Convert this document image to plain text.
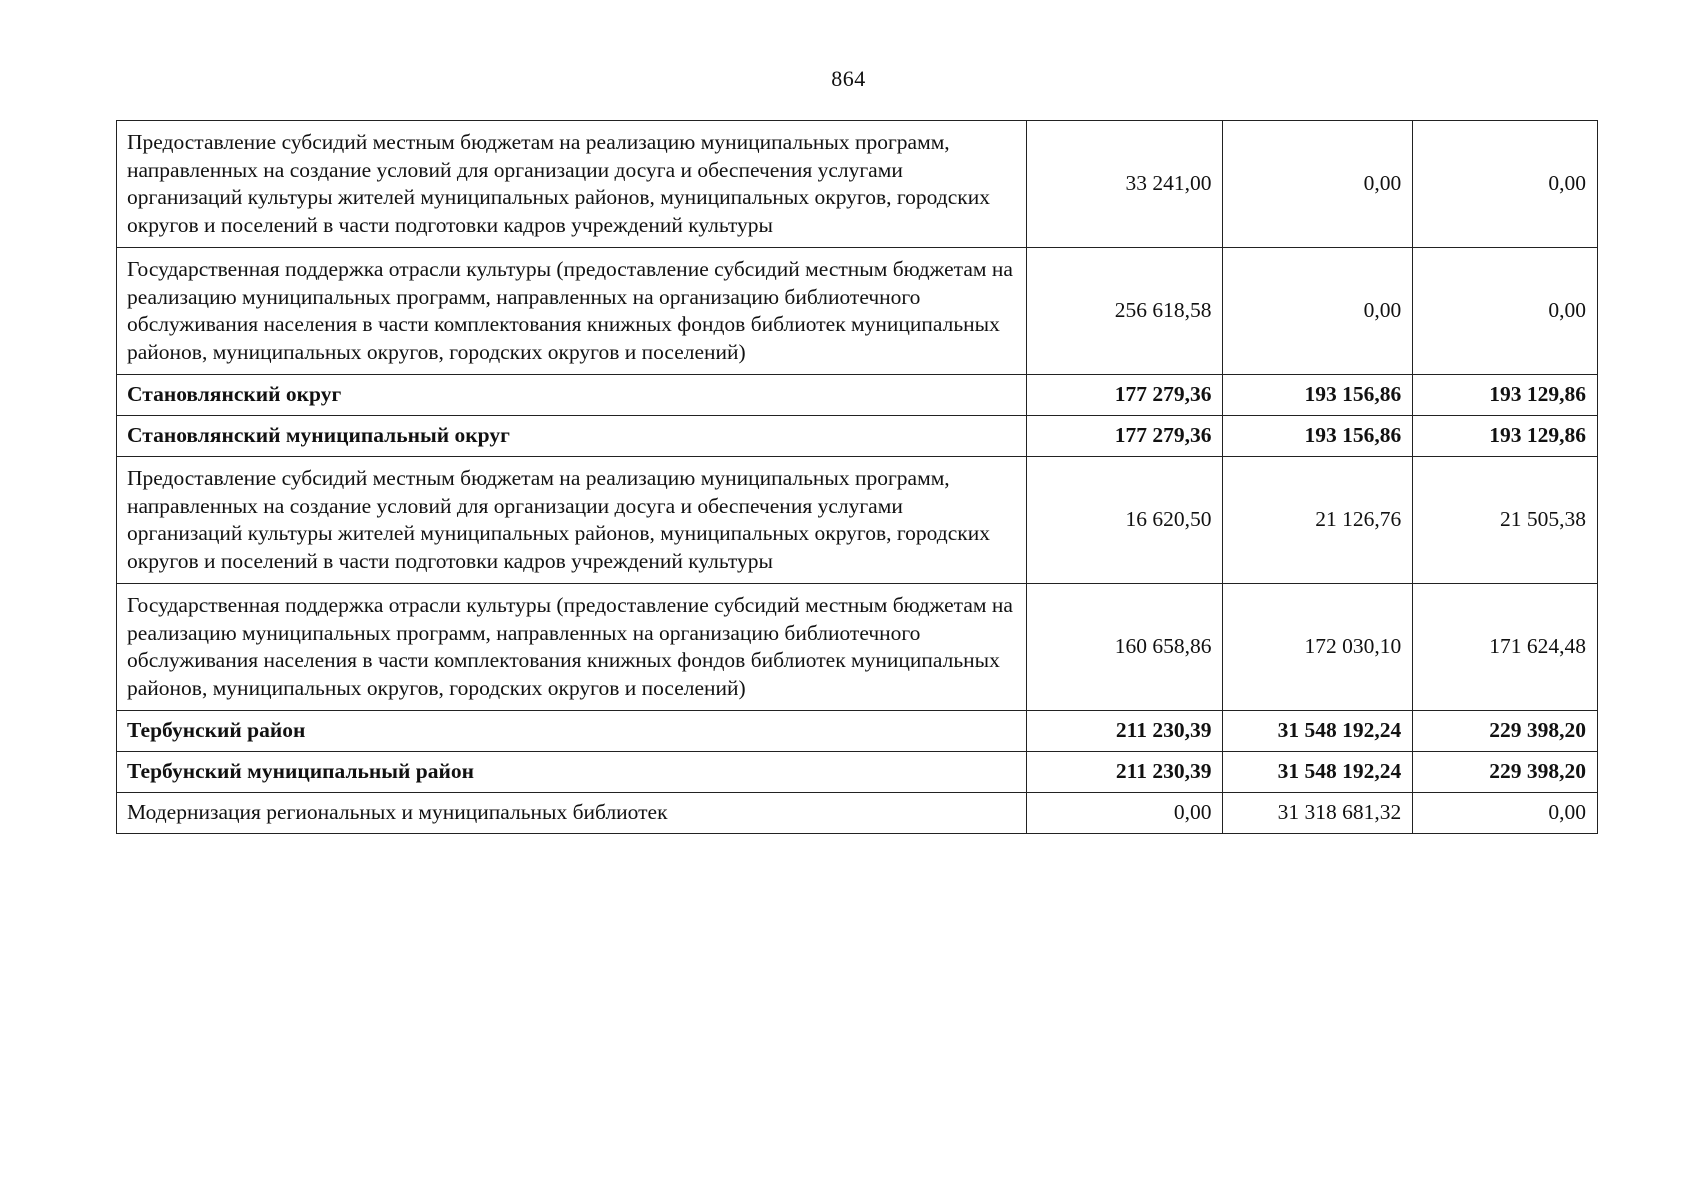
864
Предоставление субсидий местным бюджетам на реализацию муниципальных программ, направленных на создание условий для организации досуга и обеспечения услугами организаций культуры жителей муниципальных районов, муниципальных округов, городских округов и поселений в части подготовки кадров учреждений культуры	33 241,00	0,00	0,00
Государственная поддержка отрасли культуры (предоставление субсидий местным бюджетам на реализацию муниципальных программ, направленных на организацию библиотечного обслуживания населения в части комплектования книжных фондов библиотек муниципальных районов, муниципальных округов, городских округов и поселений)	256 618,58	0,00	0,00
Становлянский округ	177 279,36	193 156,86	193 129,86
Становлянский муниципальный округ	177 279,36	193 156,86	193 129,86
Предоставление субсидий местным бюджетам на реализацию муниципальных программ, направленных на создание условий для организации досуга и обеспечения услугами организаций культуры жителей муниципальных районов, муниципальных округов, городских округов и поселений в части подготовки кадров учреждений культуры	16 620,50	21 126,76	21 505,38
Государственная поддержка отрасли культуры (предоставление субсидий местным бюджетам на реализацию муниципальных программ, направленных на организацию библиотечного обслуживания населения в части комплектования книжных фондов библиотек муниципальных районов, муниципальных округов, городских округов и поселений)	160 658,86	172 030,10	171 624,48
Тербунский район	211 230,39	31 548 192,24	229 398,20
Тербунский муниципальный район	211 230,39	31 548 192,24	229 398,20
Модернизация региональных и муниципальных библиотек	0,00	31 318 681,32	0,00
